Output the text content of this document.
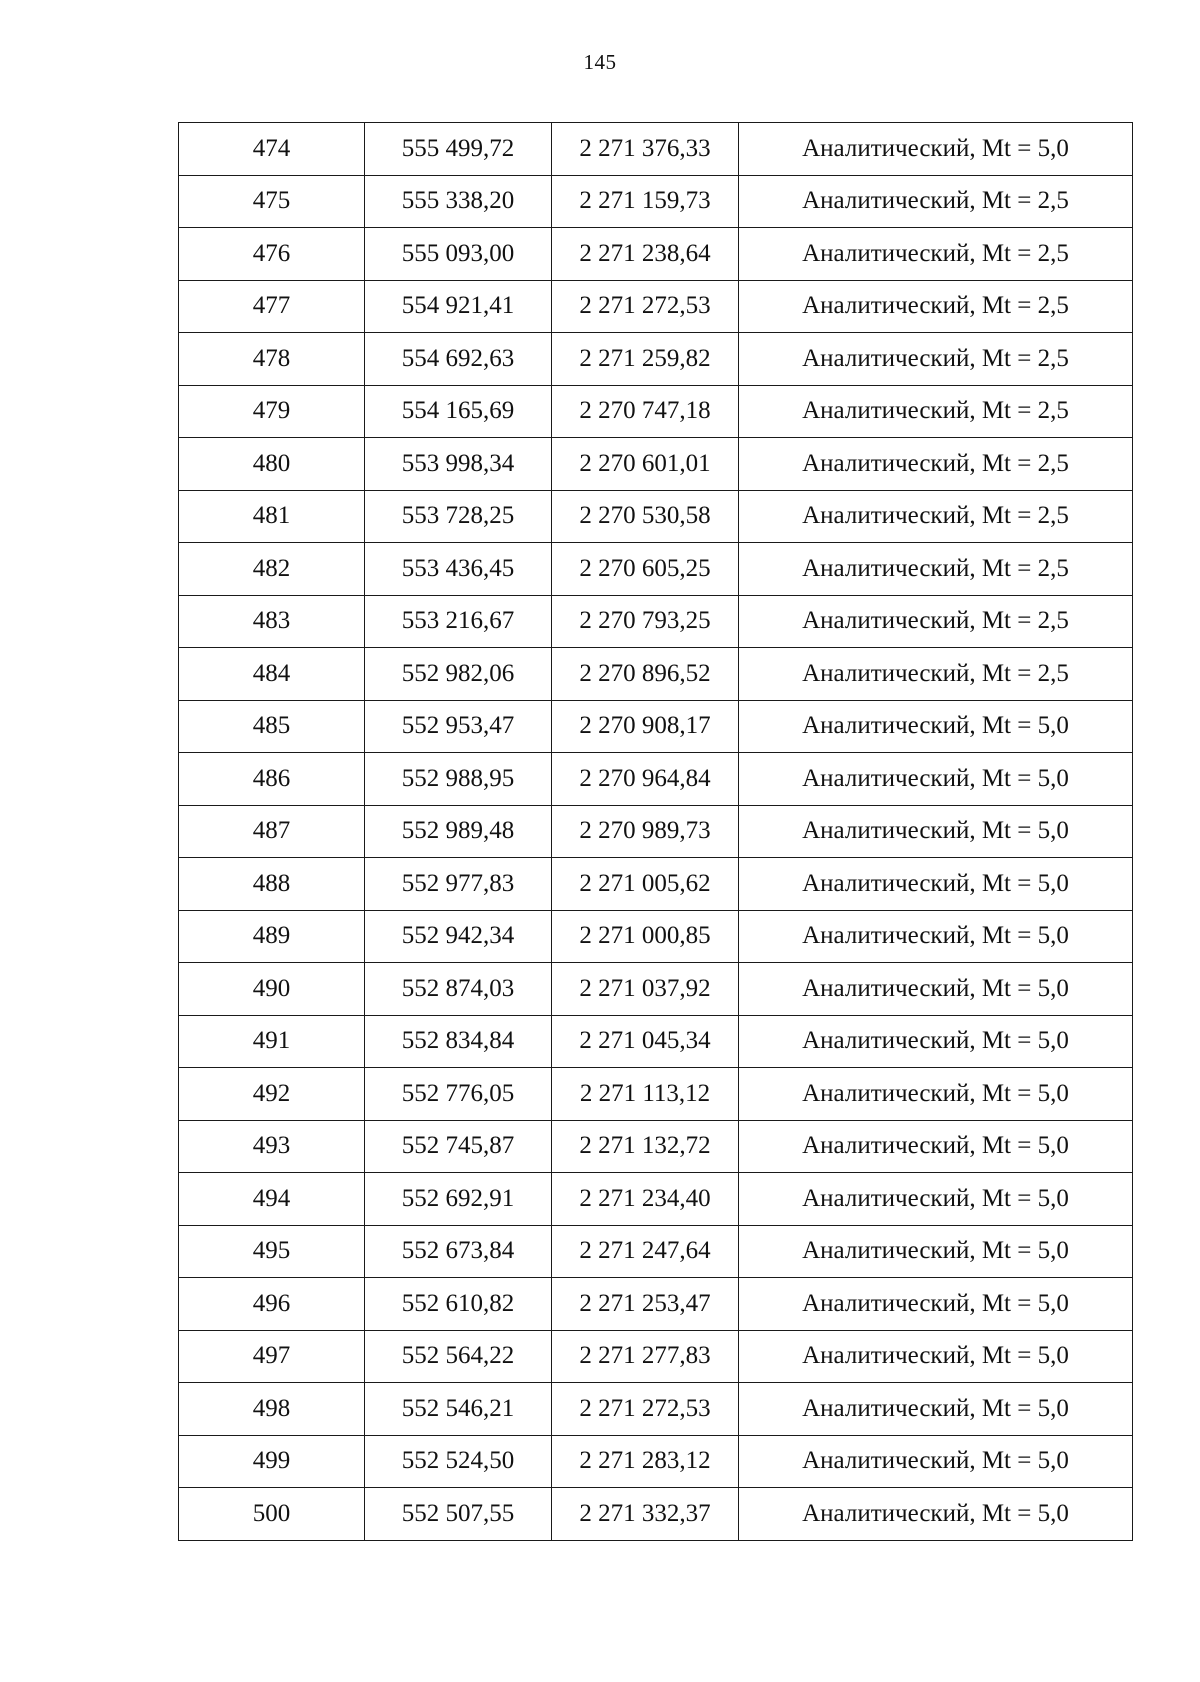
145
474	555 499,72	2 271 376,33	Аналитический, Mt = 5,0
475	555 338,20	2 271 159,73	Аналитический, Mt = 2,5
476	555 093,00	2 271 238,64	Аналитический, Mt = 2,5
477	554 921,41	2 271 272,53	Аналитический, Mt = 2,5
478	554 692,63	2 271 259,82	Аналитический, Mt = 2,5
479	554 165,69	2 270 747,18	Аналитический, Mt = 2,5
480	553 998,34	2 270 601,01	Аналитический, Mt = 2,5
481	553 728,25	2 270 530,58	Аналитический, Mt = 2,5
482	553 436,45	2 270 605,25	Аналитический, Mt = 2,5
483	553 216,67	2 270 793,25	Аналитический, Mt = 2,5
484	552 982,06	2 270 896,52	Аналитический, Mt = 2,5
485	552 953,47	2 270 908,17	Аналитический, Mt = 5,0
486	552 988,95	2 270 964,84	Аналитический, Mt = 5,0
487	552 989,48	2 270 989,73	Аналитический, Mt = 5,0
488	552 977,83	2 271 005,62	Аналитический, Mt = 5,0
489	552 942,34	2 271 000,85	Аналитический, Mt = 5,0
490	552 874,03	2 271 037,92	Аналитический, Mt = 5,0
491	552 834,84	2 271 045,34	Аналитический, Mt = 5,0
492	552 776,05	2 271 113,12	Аналитический, Mt = 5,0
493	552 745,87	2 271 132,72	Аналитический, Mt = 5,0
494	552 692,91	2 271 234,40	Аналитический, Mt = 5,0
495	552 673,84	2 271 247,64	Аналитический, Mt = 5,0
496	552 610,82	2 271 253,47	Аналитический, Mt = 5,0
497	552 564,22	2 271 277,83	Аналитический, Mt = 5,0
498	552 546,21	2 271 272,53	Аналитический, Mt = 5,0
499	552 524,50	2 271 283,12	Аналитический, Mt = 5,0
500	552 507,55	2 271 332,37	Аналитический, Mt = 5,0
